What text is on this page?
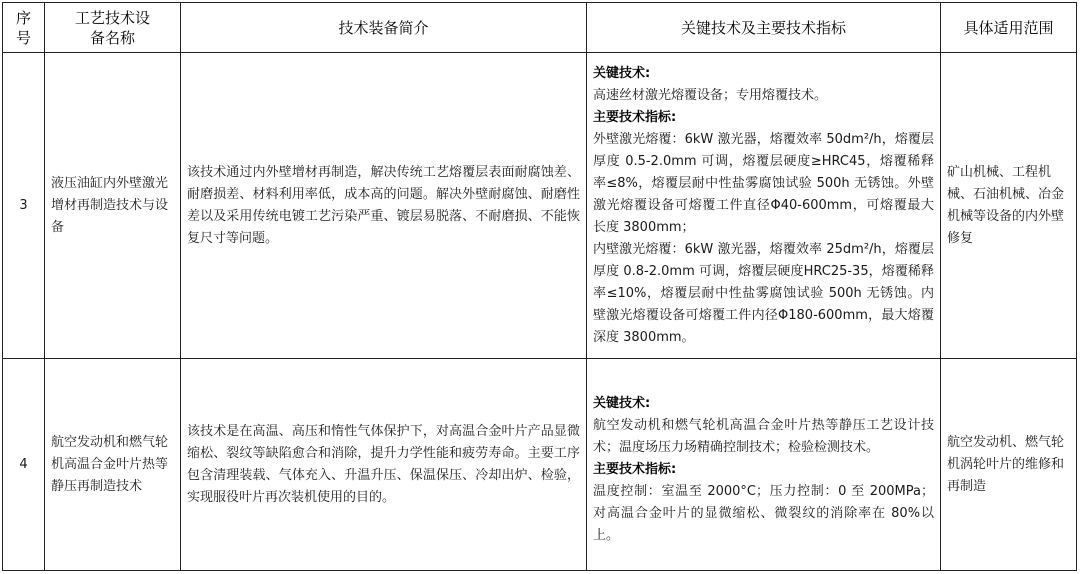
序号	工艺技术设备名称	技术装备简介	关键技术及主要技术指标	具体适用范围
3	液压油缸内外壁激光增材再制造技术与设备	该技术通过内外壁增材再制造，解决传统工艺熔覆层表面耐腐蚀差、耐磨损差、材料利用率低，成本高的问题。解决外壁耐腐蚀、耐磨性差以及采用传统电镀工艺污染严重、镀层易脱落、不耐磨损、不能恢复尺寸等问题。	关键技术:
高速丝材激光熔覆设备；专用熔覆技术。
主要技术指标:
外壁激光熔覆：6kW 激光器，熔覆效率 50dm²/h，熔覆层厚度 0.5-2.0mm 可调，熔覆层硬度≥HRC45，熔覆稀释率≤8%，熔覆层耐中性盐雾腐蚀试验 500h 无锈蚀。外壁激光熔覆设备可熔覆工件直径Φ40-600mm，可熔覆最大长度 3800mm；
内壁激光熔覆：6kW 激光器，熔覆效率 25dm²/h，熔覆层厚度 0.8-2.0mm 可调，熔覆层硬度HRC25-35，熔覆稀释率≤10%，熔覆层耐中性盐雾腐蚀试验 500h 无锈蚀。内壁激光熔覆设备可熔覆工件内径Φ180-600mm，最大熔覆深度 3800mm。	矿山机械、工程机械、石油机械、冶金机械等设备的内外壁修复
4	航空发动机和燃气轮机高温合金叶片热等静压再制造技术	该技术是在高温、高压和惰性气体保护下，对高温合金叶片产品显微缩松、裂纹等缺陷愈合和消除，提升力学性能和疲劳寿命。主要工序包含清理装载、气体充入、升温升压、保温保压、冷却出炉、检验，实现服役叶片再次装机使用的目的。	关键技术:
航空发动机和燃气轮机高温合金叶片热等静压工艺设计技术；温度场压力场精确控制技术；检验检测技术。
主要技术指标:
温度控制：室温至 2000°C；压力控制：0 至 200MPa；对高温合金叶片的显微缩松、微裂纹的消除率在 80%以上。	航空发动机、燃气轮机涡轮叶片的维修和再制造
